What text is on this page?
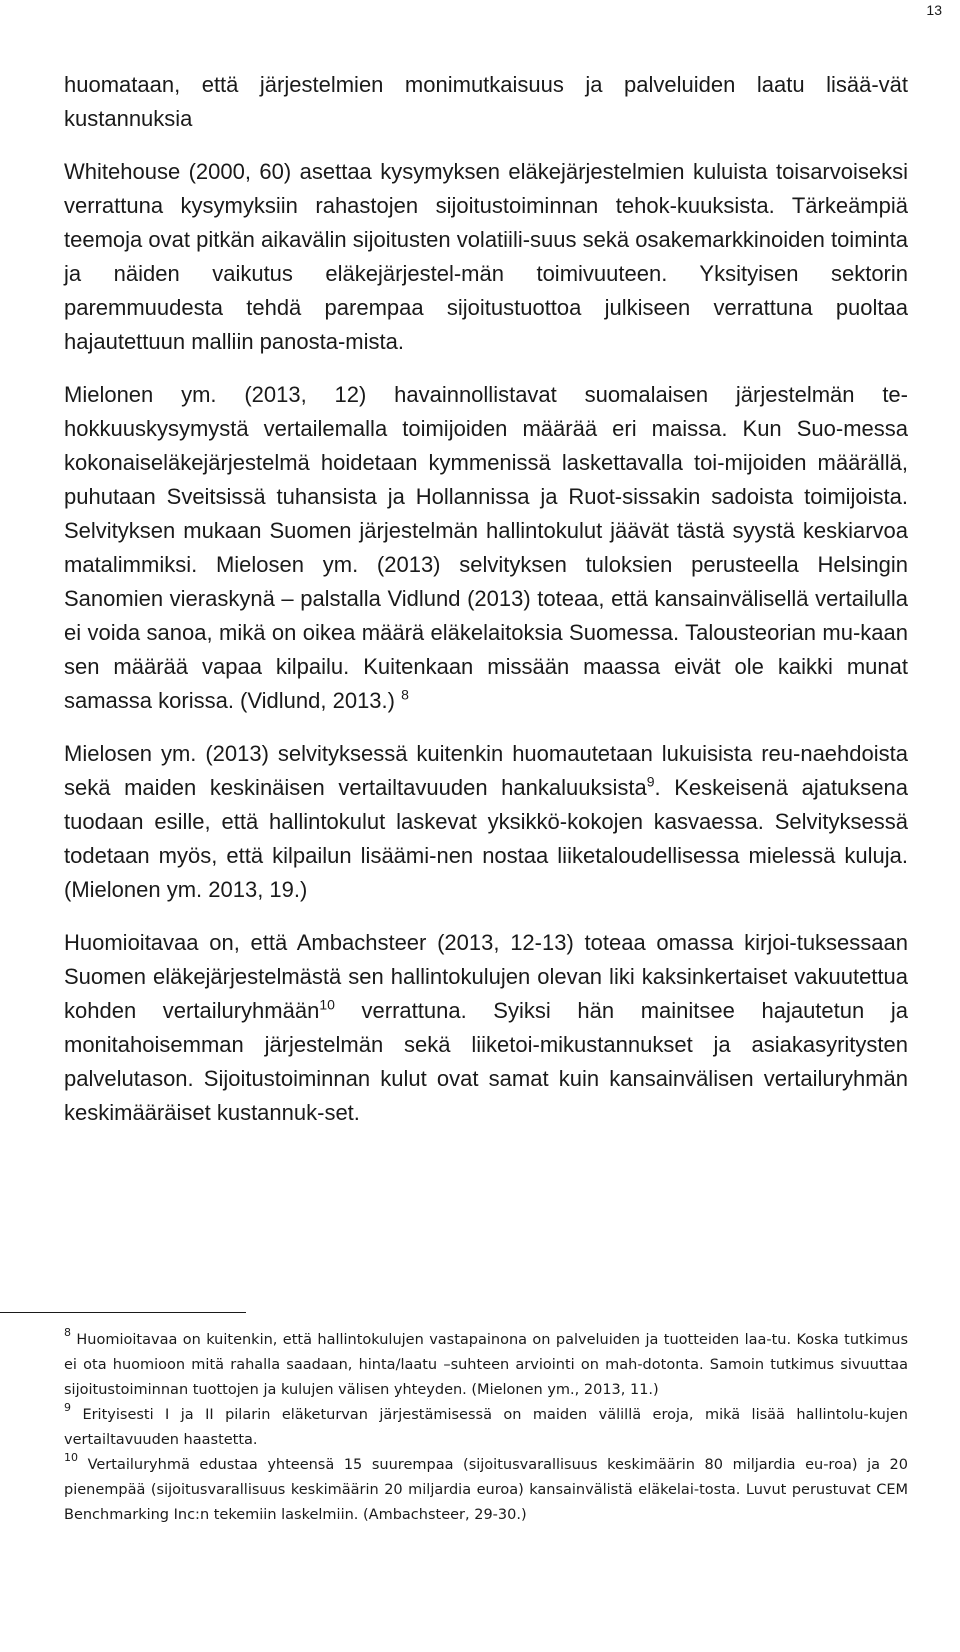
13

huomataan, että järjestelmien monimutkaisuus ja palveluiden laatu lisää-vät kustannuksia

Whitehouse (2000, 60) asettaa kysymyksen eläkejärjestelmien kuluista toisarvoiseksi verrattuna kysymyksiin rahastojen sijoitustoiminnan tehok-kuuksista. Tärkeämpiä teemoja ovat pitkän aikavälin sijoitusten volatiili-suus sekä osakemarkkinoiden toiminta ja näiden vaikutus eläkejärjestel-män toimivuuteen. Yksityisen sektorin paremmuudesta tehdä parempaa sijoitustuottoa julkiseen verrattuna puoltaa hajautettuun malliin panosta-mista.

Mielonen ym. (2013, 12) havainnollistavat suomalaisen järjestelmän te-hokkuuskysymystä vertailemalla toimijoiden määrää eri maissa. Kun Suo-messa kokonaiseläkejärjestelmä hoidetaan kymmenissä laskettavalla toi-mijoiden määrällä, puhutaan Sveitsissä tuhansista ja Hollannissa ja Ruot-sissakin sadoista toimijoista. Selvityksen mukaan Suomen järjestelmän hallintokulut jäävät tästä syystä keskiarvoa matalimmiksi. Mielosen ym. (2013) selvityksen tuloksien perusteella Helsingin Sanomien vieraskynä – palstalla Vidlund (2013) toteaa, että kansainvälisellä vertailulla ei voida sanoa, mikä on oikea määrä eläkelaitoksia Suomessa. Talousteorian mu-kaan sen määrää vapaa kilpailu. Kuitenkaan missään maassa eivät ole kaikki munat samassa korissa. (Vidlund, 2013.) $^8$

Mielosen ym. (2013) selvityksessä kuitenkin huomautetaan lukuisista reu-naehdoista sekä maiden keskinäisen vertailtavuuden hankaluuksista$^9$. Keskeisenä ajatuksena tuodaan esille, että hallintokulut laskevat yksikkö-kokojen kasvaessa. Selvityksessä todetaan myös, että kilpailun lisäämi-nen nostaa liiketaloudellisessa mielessä kuluja. (Mielonen ym. 2013, 19.)

Huomioitavaa on, että Ambachsteer (2013, 12-13) toteaa omassa kirjoi-tuksessaan Suomen eläkejärjestelmästä sen hallintokulujen olevan liki kaksinkertaiset vakuutettua kohden vertailuryhmään$^{10}$ verrattuna. Syiksi hän mainitsee hajautetun ja monitahoisemman järjestelmän sekä liiketoi-mikustannukset ja asiakasyritysten palvelutason. Sijoitustoiminnan kulut ovat samat kuin kansainvälisen vertailuryhmän keskimääräiset kustannuk-set.

$^8$ Huomioitavaa on kuitenkin, että hallintokulujen vastapainona on palveluiden ja tuotteiden laa-tu. Koska tutkimus ei ota huomioon mitä rahalla saadaan, hinta/laatu –suhteen arviointi on mah-dotonta. Samoin tutkimus sivuuttaa sijoitustoiminnan tuottojen ja kulujen välisen yhteyden. (Mielonen ym., 2013, 11.)

$^9$ Erityisesti I ja II pilarin eläketurvan järjestämisessä on maiden välillä eroja, mikä lisää hallintolu-kujen vertailtavuuden haastetta.

$^{10}$ Vertailuryhmä edustaa yhteensä 15 suurempaa (sijoitusvarallisuus keskimäärin 80 miljardia eu-roa) ja 20 pienempää (sijoitusvarallisuus keskimäärin 20 miljardia euroa) kansainvälistä eläkelai-tosta. Luvut perustuvat CEM Benchmarking Inc:n tekemiin laskelmiin. (Ambachsteer, 29-30.)
